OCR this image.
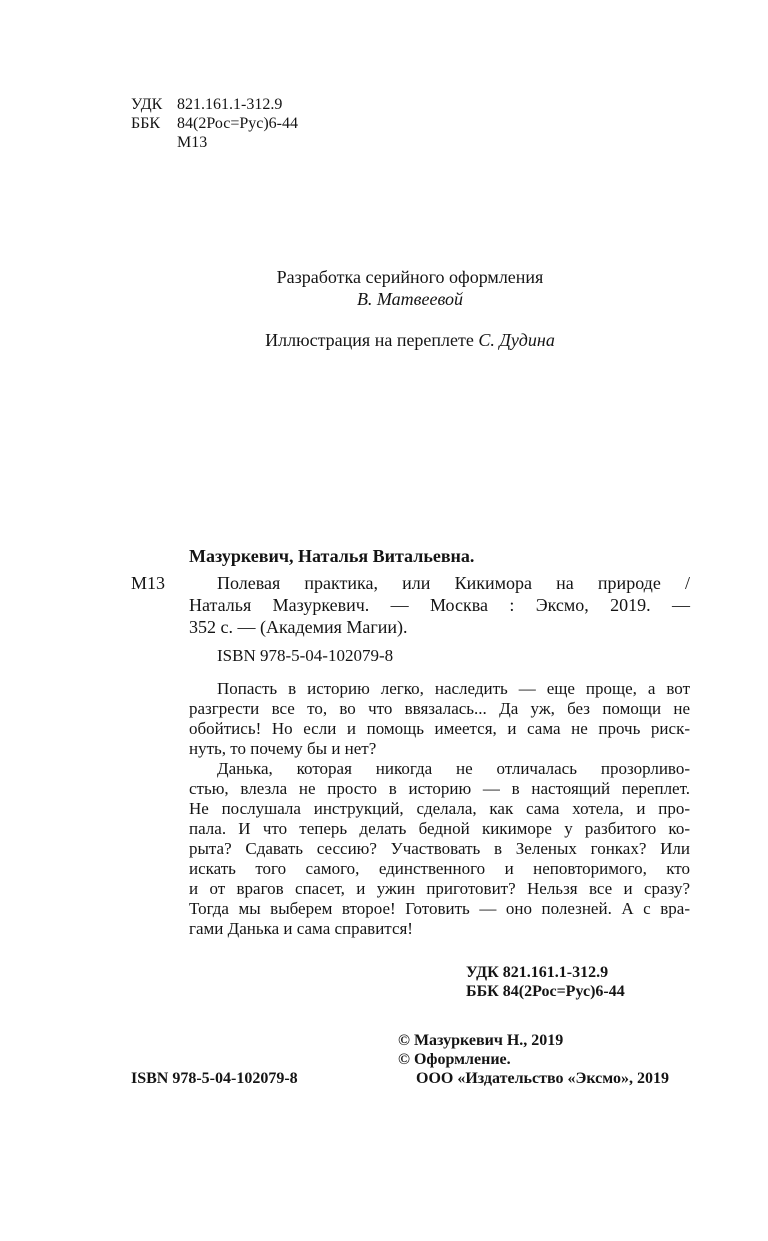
УДК 821.161.1-312.9
ББК	84(2Рос=Рус)6-44
М13
Разработка серийного оформления
В. Матвеевой
Иллюстрация на переплете С. Дудина
Мазуркевич, Наталья Витальевна.
М13	Полевая практика, или Кикимора на природе /
Наталья Мазуркевич. — Москва : Эксмо, 2019. —
352 с. — (Академия Магии).
ISBN 978-5-04-102079-8
Попасть в историю легко, наследить — еще проще, а вот
разгрести все то, во что ввязалась... Да уж, без помощи не
обойтись! Но если и помощь имеется, и сама не прочь риск-
нуть, то почему бы и нет?
Данька, которая никогда не отличалась прозорливо-
стью, влезла не просто в историю — в настоящий переплет.
Не послушала инструкций, сделала, как сама хотела, и про-
пала. И что теперь делать бедной кикиморе у разбитого ко-
рыта? Сдавать сессию? Участвовать в Зеленых гонках? Или
искать того самого, единственного и неповторимого, кто
и от врагов спасет, и ужин приготовит? Нельзя все и сразу?
Тогда мы выберем второе! Готовить — оно полезней. А с вра-
гами Данька и сама справится!
УДК 821.161.1-312.9
ББК 84(2Рос=Рус)6-44
© Мазуркевич Н., 2019
© Оформление.
ООО «Издательство «Эксмо», 2019
ISBN 978-5-04-102079-8
